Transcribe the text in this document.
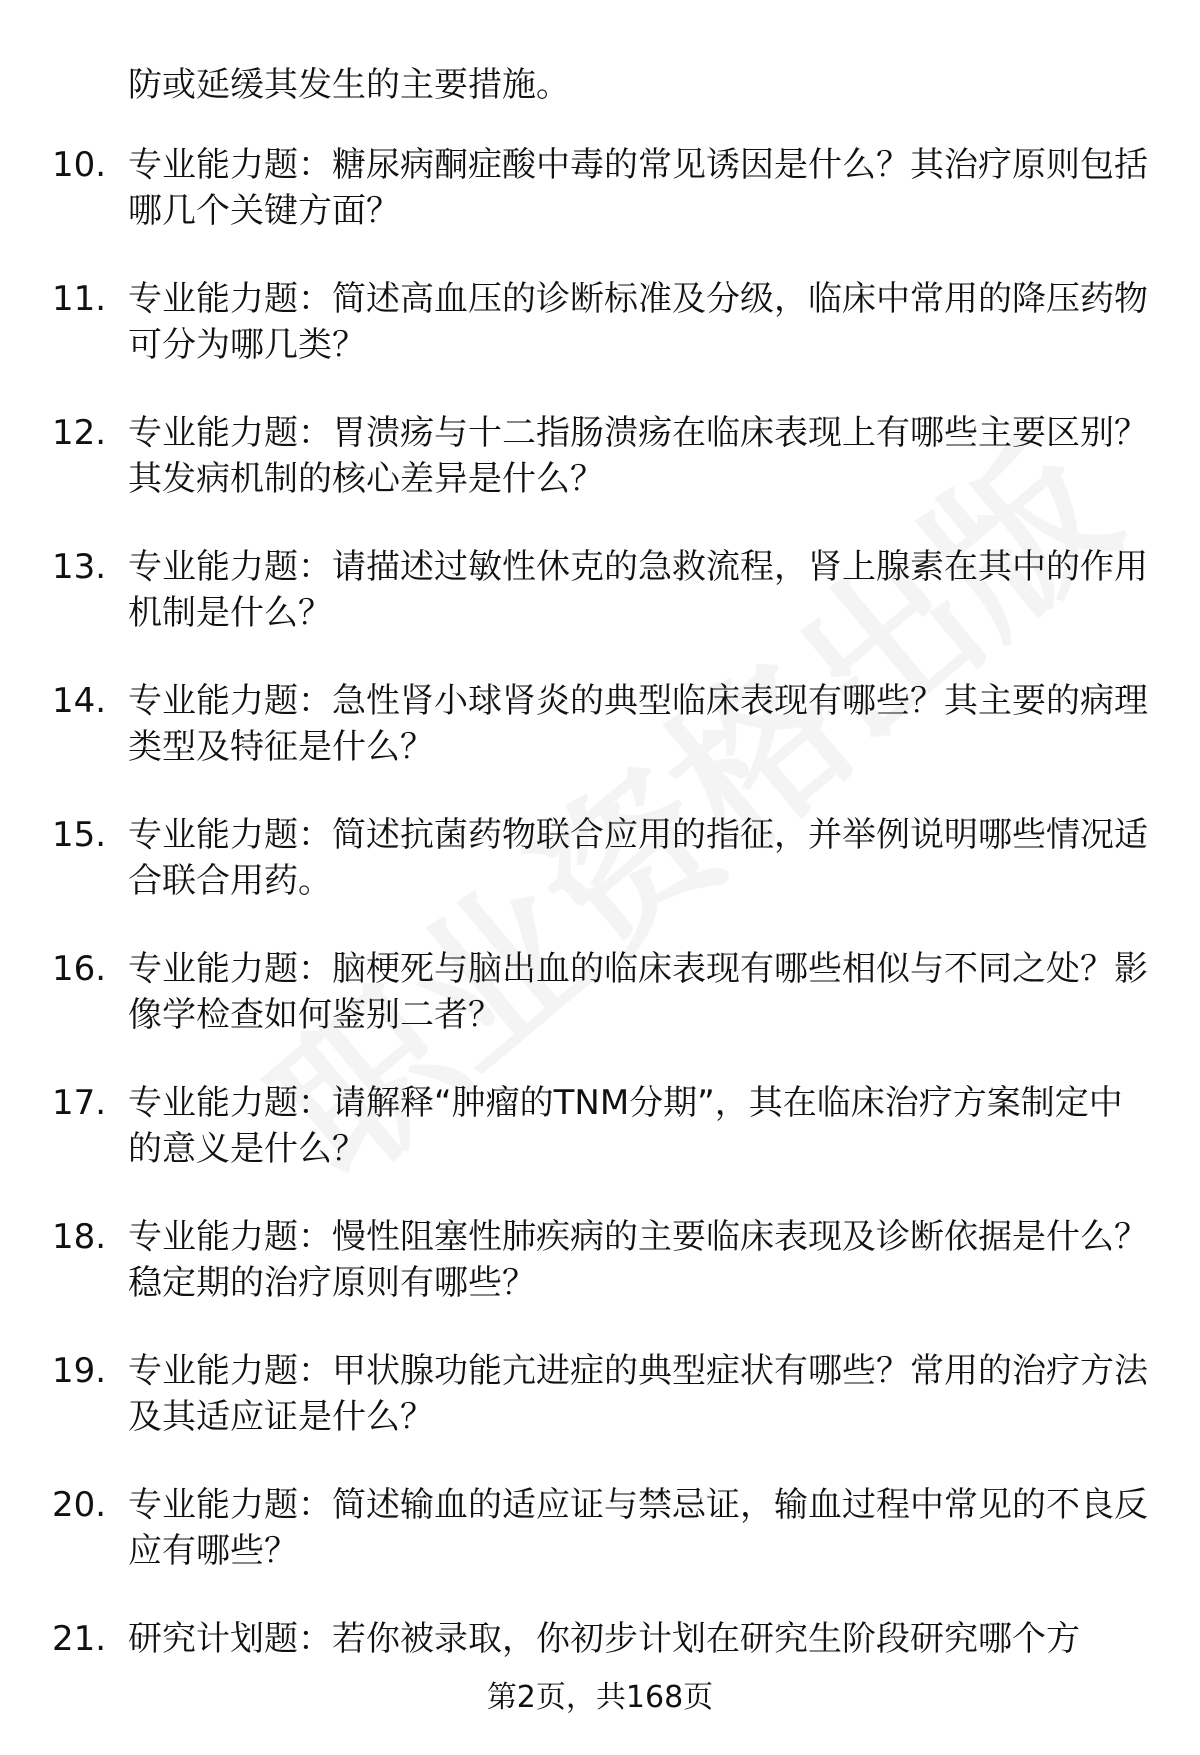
防或延缓其发生的主要措施。
10. 专业能力题：糖尿病酮症酸中毒的常见诱因是什么？其治疗原则包括哪几个关键方面？
11. 专业能力题：简述高血压的诊断标准及分级，临床中常用的降压药物可分为哪几类？
12. 专业能力题：胃溃疡与十二指肠溃疡在临床表现上有哪些主要区别？其发病机制的核心差异是什么？
13. 专业能力题：请描述过敏性休克的急救流程，肾上腺素在其中的作用机制是什么？
14. 专业能力题：急性肾小球肾炎的典型临床表现有哪些？其主要的病理类型及特征是什么？
15. 专业能力题：简述抗菌药物联合应用的指征，并举例说明哪些情况适合联合用药。
16. 专业能力题：脑梗死与脑出血的临床表现有哪些相似与不同之处？影像学检查如何鉴别二者？
17. 专业能力题：请解释“肿瘤的TNM分期”，其在临床治疗方案制定中的意义是什么？
18. 专业能力题：慢性阻塞性肺疾病的主要临床表现及诊断依据是什么？稳定期的治疗原则有哪些？
19. 专业能力题：甲状腺功能亢进症的典型症状有哪些？常用的治疗方法及其适应证是什么？
20. 专业能力题：简述输血的适应证与禁忌证，输血过程中常见的不良反应有哪些？
21. 研究计划题：若你被录取，你初步计划在研究生阶段研究哪个方
第2页，共168页
